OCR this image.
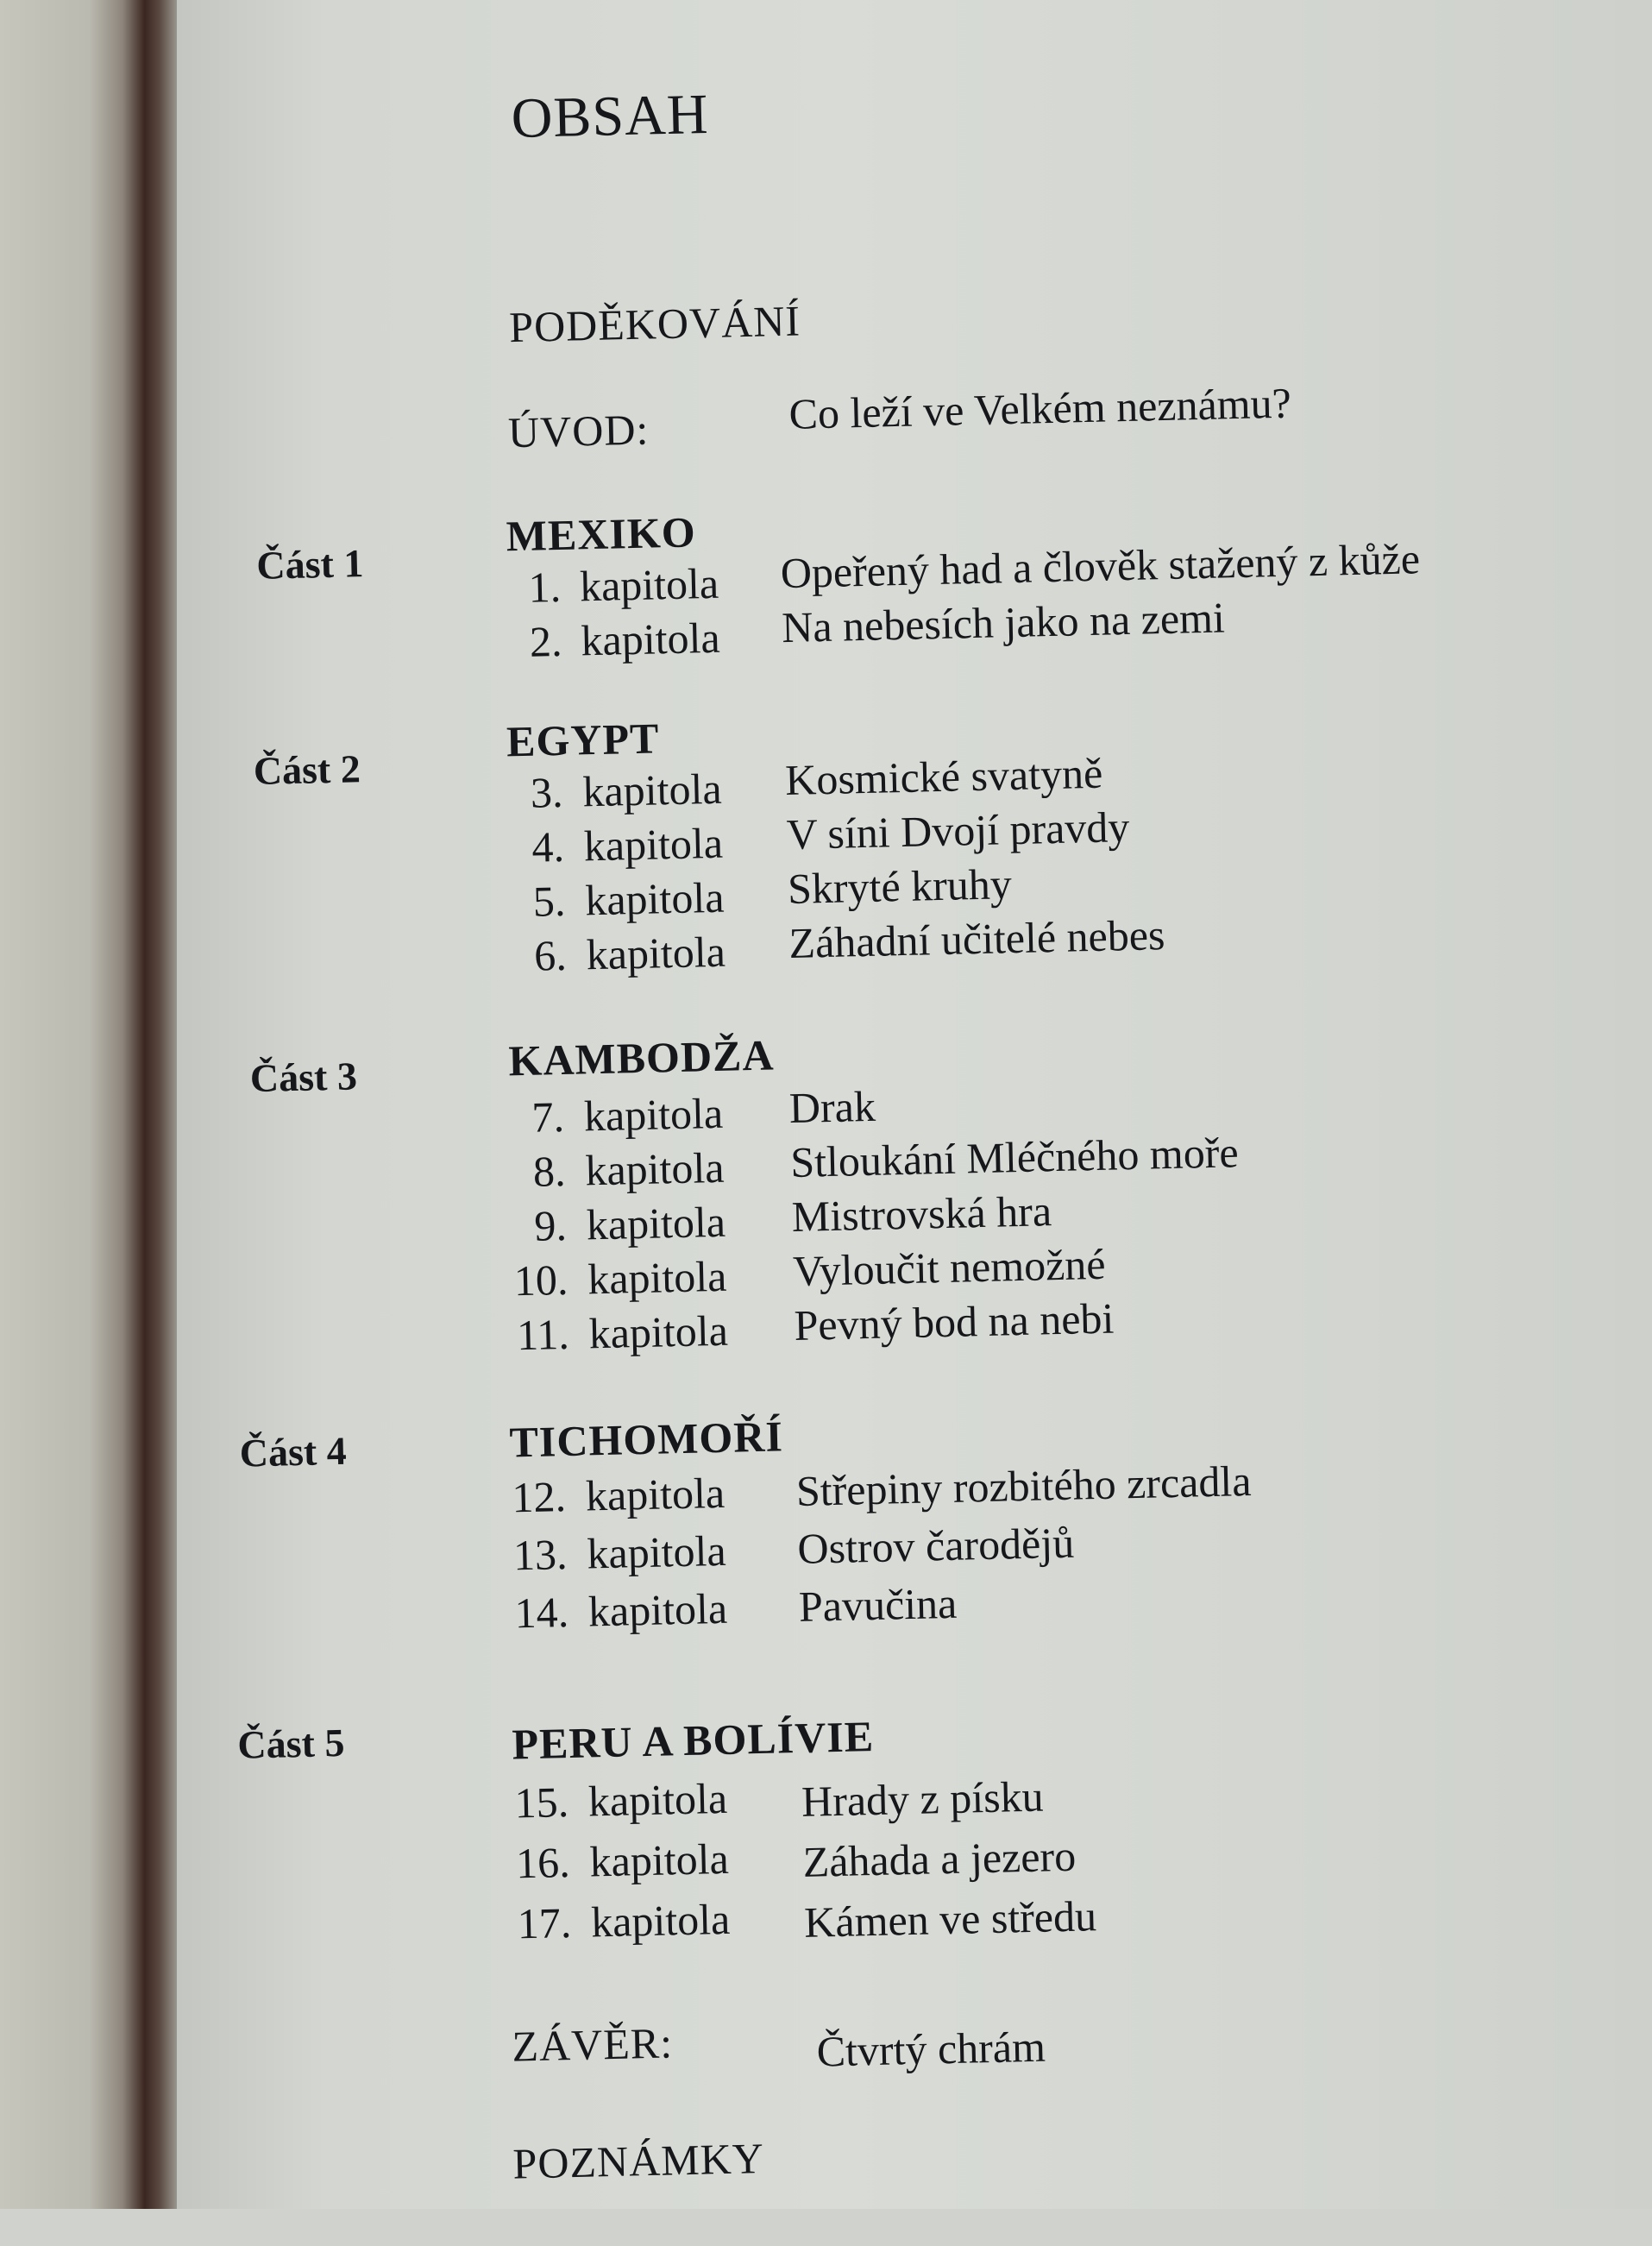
OBSAH
PODĚKOVÁNÍ
ÚVOD:	Co leží ve Velkém neznámu?
Část 1
MEXIKO
1. kapitola Opeřený had a člověk stažený z kůže
2. kapitola Na nebesích jako na zemi
Část 2
EGYPT
3. kapitola Kosmické svatyně
4. kapitola V síni Dvojí pravdy
5. kapitola Skryté kruhy
6. kapitola Záhadní učitelé nebes
Část 3	KAMBODŽA
7. kapitola Drak
8. kapitola Stloukání Mléčného moře
9. kapitola Mistrovská hra
10. kapitola Vyloučit nemožné
11. kapitola Pevný bod na nebi
Část 4	TICHOMOŘÍ
12. kapitola Střepiny rozbitého zrcadla
13. kapitola Ostrov čarodějů
14. kapitola Pavučina
Část 5	PERU A BOLÍVIE
15. kapitola Hrady z písku
16. kapitola Záhada a jezero
17. kapitola Kámen ve středu
ZÁVĚR:	Čtvrtý chrám
POZNÁMKY
